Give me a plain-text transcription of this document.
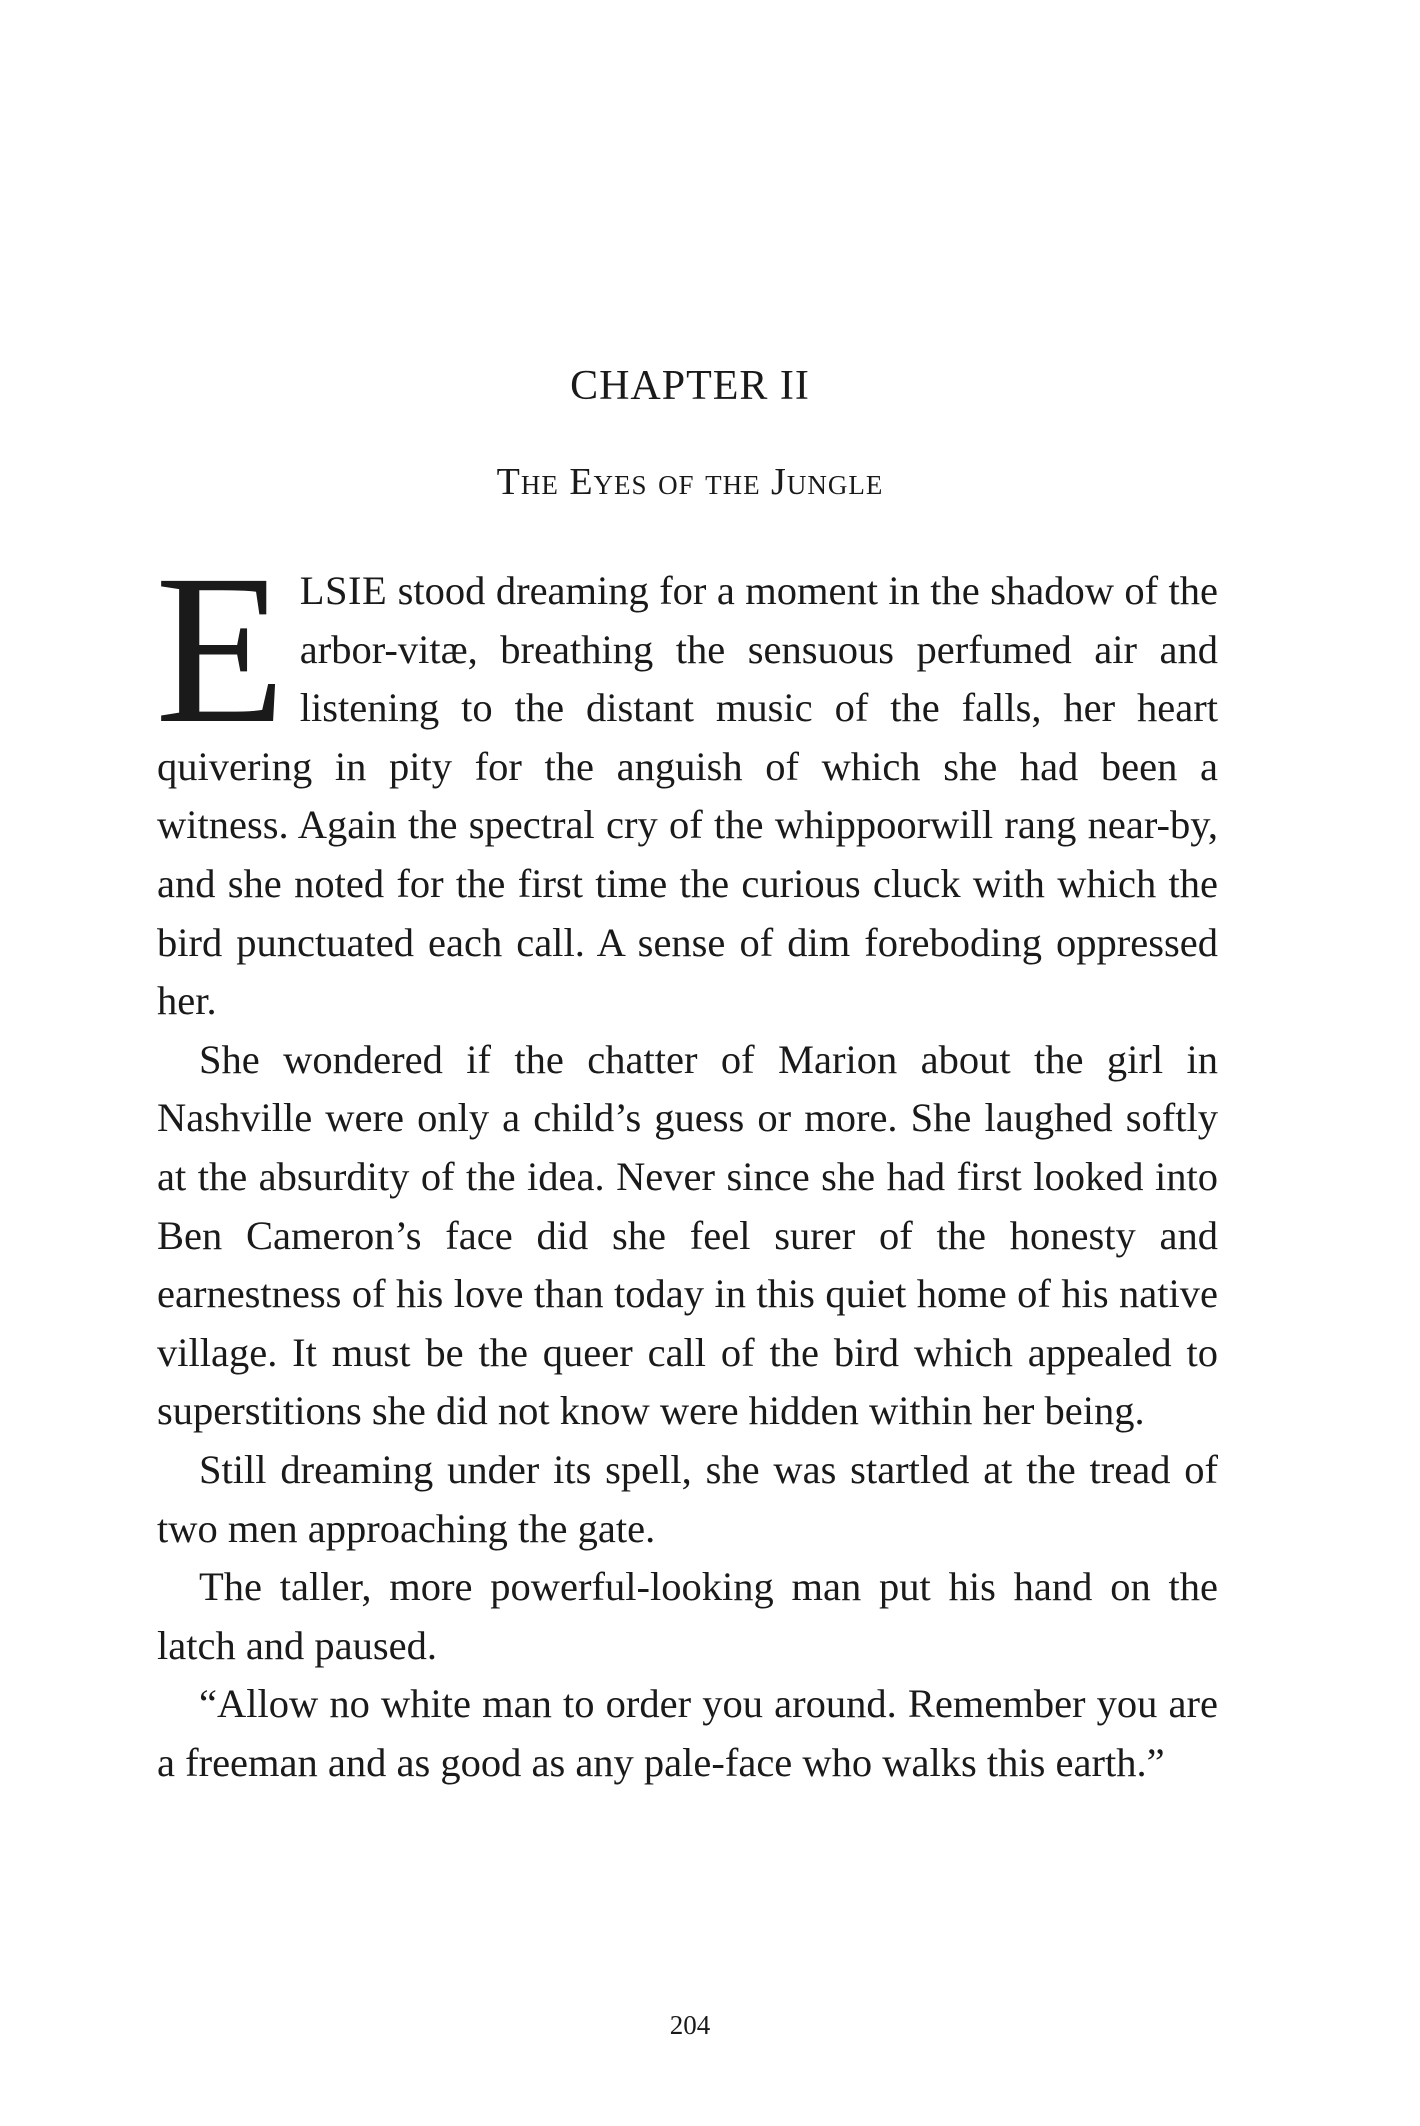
CHAPTER II
The Eyes of the Jungle

ELSIE stood dreaming for a moment in the shadow of the arbor-vitæ, breathing the sensuous perfumed air and listening to the distant music of the falls, her heart quivering in pity for the anguish of which she had been a witness. Again the spectral cry of the whippoorwill rang near-by, and she noted for the first time the curious cluck with which the bird punctuated each call. A sense of dim foreboding oppressed her.

She wondered if the chatter of Marion about the girl in Nashville were only a child’s guess or more. She laughed softly at the absurdity of the idea. Never since she had first looked into Ben Cameron’s face did she feel surer of the honesty and earnestness of his love than today in this quiet home of his native village. It must be the queer call of the bird which appealed to superstitions she did not know were hidden within her being.

Still dreaming under its spell, she was startled at the tread of two men approaching the gate.

The taller, more powerful-looking man put his hand on the latch and paused.

“Allow no white man to order you around. Remember you are a freeman and as good as any pale-face who walks this earth.”

204
